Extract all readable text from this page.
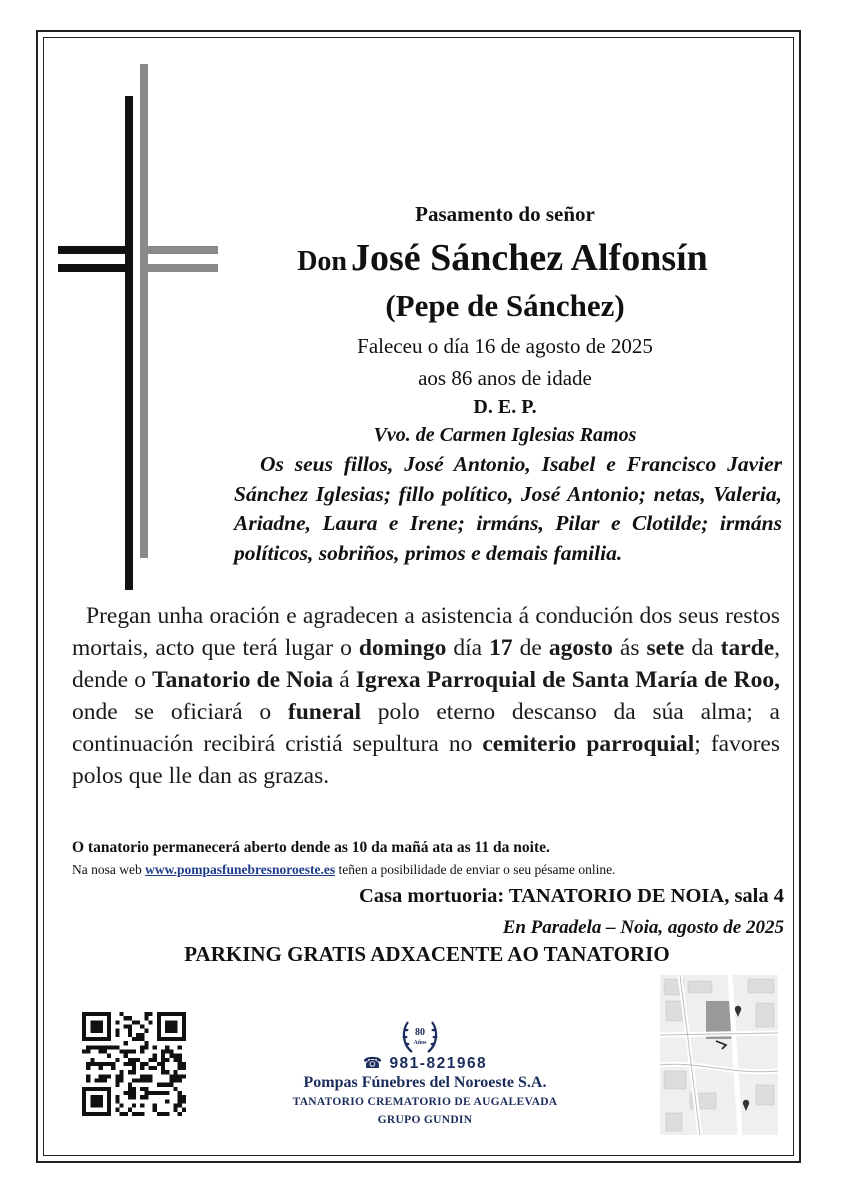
Pasamento do señor
Don José Sánchez Alfonsín
(Pepe de Sánchez)
Faleceu o día 16 de agosto de 2025
aos 86 anos de idade
D. E. P.
Vvo. de Carmen Iglesias Ramos

Os seus fillos, José Antonio, Isabel e Francisco Javier Sánchez Iglesias; fillo político, José Antonio; netas, Valeria, Ariadne, Laura e Irene; irmáns, Pilar e Clotilde; irmáns políticos, sobriños, primos e demais familia.

Pregan unha oración e agradecen a asistencia á condución dos seus restos mortais, acto que terá lugar o domingo día 17 de agosto ás sete da tarde, dende o Tanatorio de Noia á Igrexa Parroquial de Santa María de Roo, onde se oficiará o funeral polo eterno descanso da súa alma; a continuación recibirá cristiá sepultura no cemiterio parroquial; favores polos que lle dan as grazas.

O tanatorio permanecerá aberto dende as 10 da mañá ata as 11 da noite.
Na nosa web www.pompasfunebresnoroeste.es teñen a posibilidade de enviar o seu pésame online.
Casa mortuoria: TANATORIO DE NOIA, sala 4
En Paradela – Noia, agosto de 2025
PARKING GRATIS ADXACENTE AO TANATORIO
80
Años
☎ 981-821968
Pompas Fúnebres del Noroeste S.A.
TANATORIO CREMATORIO DE AUGALEVADA
GRUPO GUNDIN
